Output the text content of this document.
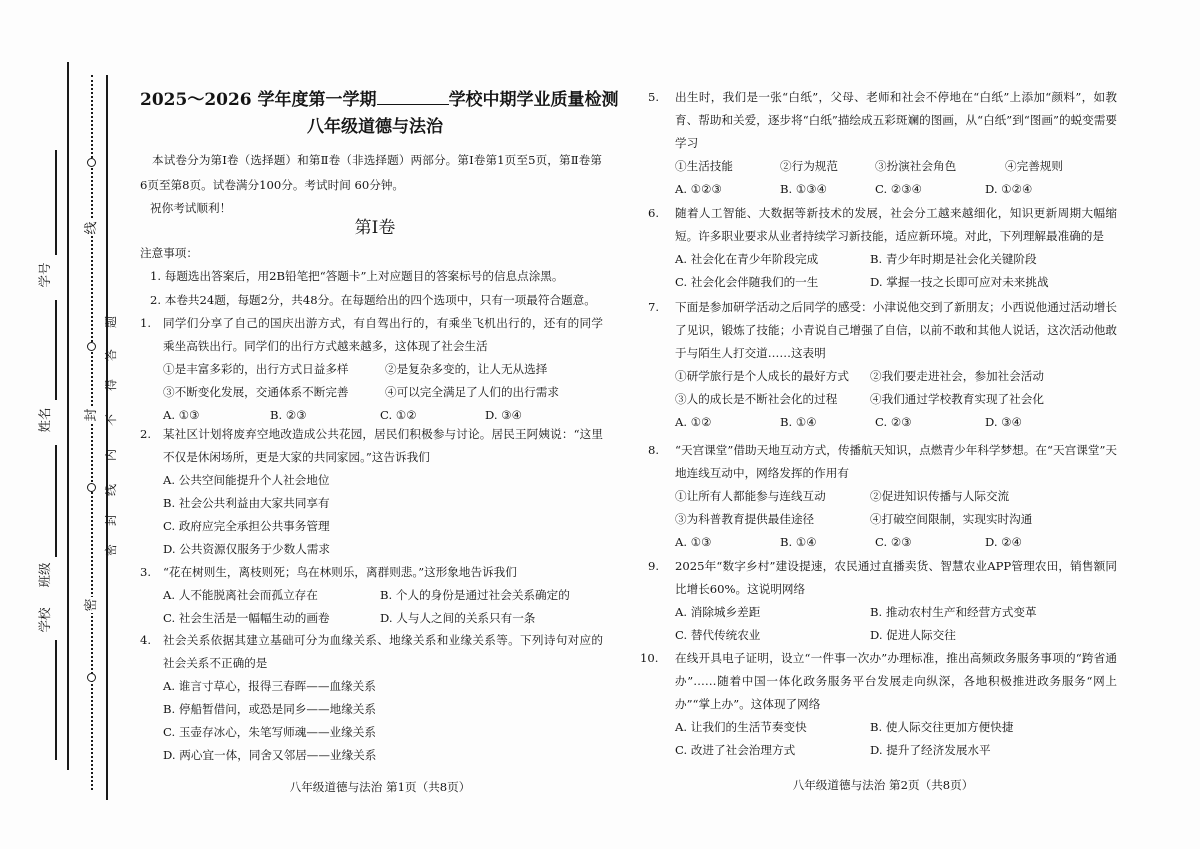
学号
姓名
班级
学校
密
封
线
密
封
线
内
不
得
答
题
2025～2026 学年度第一学期	学校中期学业质量检测
八年级道德与法治
本试卷分为第Ⅰ卷（选择题）和第Ⅱ卷（非选择题）两部分。第Ⅰ卷第1页至5页，第Ⅱ卷第6页至第8页。试卷满分100分。考试时间 60分钟。
祝你考试顺利！
第Ⅰ卷
注意事项：
1. 每题选出答案后，用2B铅笔把“答题卡”上对应题目的答案标号的信息点涂黑。
2. 本卷共24题，每题2分，共48分。在每题给出的四个选项中，只有一项最符合题意。
1. 同学们分享了自己的国庆出游方式，有自驾出行的，有乘坐飞机出行的，还有的同学乘坐高铁出行。同学们的出行方式越来越多，这体现了社会生活
①是丰富多彩的，出行方式日益多样	②是复杂多变的，让人无从选择
③不断变化发展，交通体系不断完善	④可以完全满足了人们的出行需求
A. ①③	B. ②③	C. ①②	D. ③④
2. 某社区计划将废弃空地改造成公共花园，居民们积极参与讨论。居民王阿姨说：“这里不仅是休闲场所，更是大家的共同家园。”这告诉我们
A. 公共空间能提升个人社会地位
B. 社会公共利益由大家共同享有
C. 政府应完全承担公共事务管理
D. 公共资源仅服务于少数人需求
3. “花在树则生，离枝则死；鸟在林则乐，离群则悲。”这形象地告诉我们
A. 人不能脱离社会而孤立存在	B. 个人的身份是通过社会关系确定的
C. 社会生活是一幅幅生动的画卷	D. 人与人之间的关系只有一条
4. 社会关系依据其建立基础可分为血缘关系、地缘关系和业缘关系等。下列诗句对应的社会关系不正确的是
A. 谁言寸草心，报得三春晖——血缘关系
B. 停船暂借问，或恐是同乡——地缘关系
C. 玉壶存冰心，朱笔写师魂——业缘关系
D. 两心宜一体，同舍又邻居——业缘关系
八年级道德与法治 第1页（共8页）
5. 出生时，我们是一张“白纸”，父母、老师和社会不停地在“白纸”上添加“颜料”，如教育、帮助和关爱，逐步将“白纸”描绘成五彩斑斓的图画，从“白纸”到“图画”的蜕变需要学习
①生活技能	②行为规范	③扮演社会角色	④完善规则
A. ①②③	B. ①③④	C. ②③④	D. ①②④
6. 随着人工智能、大数据等新技术的发展，社会分工越来越细化，知识更新周期大幅缩短。许多职业要求从业者持续学习新技能，适应新环境。对此，下列理解最准确的是
A. 社会化在青少年阶段完成	B. 青少年时期是社会化关键阶段
C. 社会化会伴随我们的一生	D. 掌握一技之长即可应对未来挑战
7. 下面是参加研学活动之后同学的感受：小津说他交到了新朋友；小西说他通过活动增长了见识，锻炼了技能；小青说自己增强了自信，以前不敢和其他人说话，这次活动他敢于与陌生人打交道……这表明
①研学旅行是个人成长的最好方式	②我们要走进社会，参加社会活动
③人的成长是不断社会化的过程	④我们通过学校教育实现了社会化
A. ①②	B. ①④	C. ②③	D. ③④
8. “天宫课堂”借助天地互动方式，传播航天知识，点燃青少年科学梦想。在“天宫课堂”天地连线互动中，网络发挥的作用有
①让所有人都能参与连线互动	②促进知识传播与人际交流
③为科普教育提供最佳途径	④打破空间限制，实现实时沟通
A. ①③	B. ①④	C. ②③	D. ②④
9. 2025年“数字乡村”建设提速，农民通过直播卖货、智慧农业APP管理农田，销售额同比增长60%。这说明网络
A. 消除城乡差距	B. 推动农村生产和经营方式变革
C. 替代传统农业	D. 促进人际交往
10. 在线开具电子证明，设立“一件事一次办”办理标准，推出高频政务服务事项的“跨省通办”……随着中国一体化政务服务平台发展走向纵深，各地积极推进政务服务“网上办”“掌上办”。这体现了网络
A. 让我们的生活节奏变快	B. 使人际交往更加方便快捷
C. 改进了社会治理方式	D. 提升了经济发展水平
八年级道德与法治 第2页（共8页）
